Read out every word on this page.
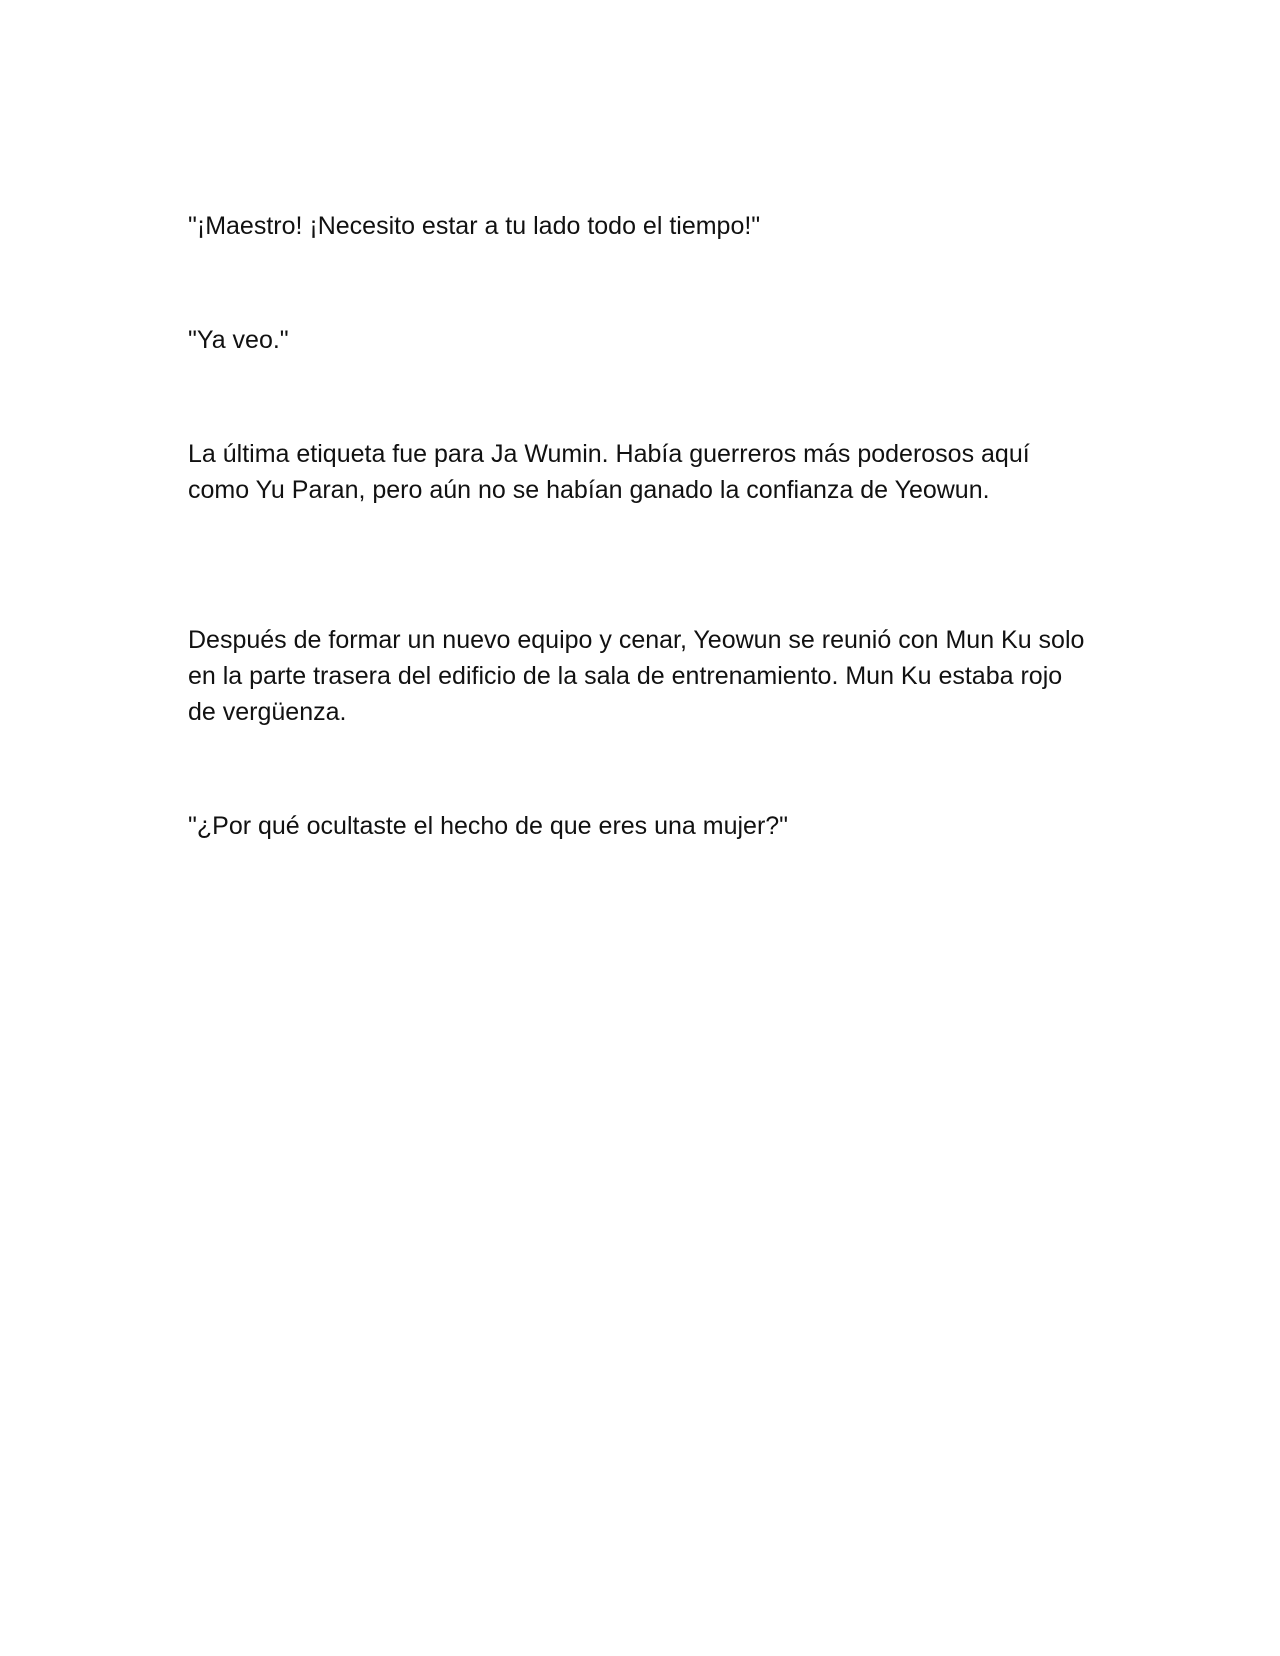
"¡Maestro! ¡Necesito estar a tu lado todo el tiempo!"

"Ya veo."

La última etiqueta fue para Ja Wumin. Había guerreros más poderosos aquí como Yu Paran, pero aún no se habían ganado la confianza de Yeowun.

Después de formar un nuevo equipo y cenar, Yeowun se reunió con Mun Ku solo en la parte trasera del edificio de la sala de entrenamiento. Mun Ku estaba rojo de vergüenza.

"¿Por qué ocultaste el hecho de que eres una mujer?"
